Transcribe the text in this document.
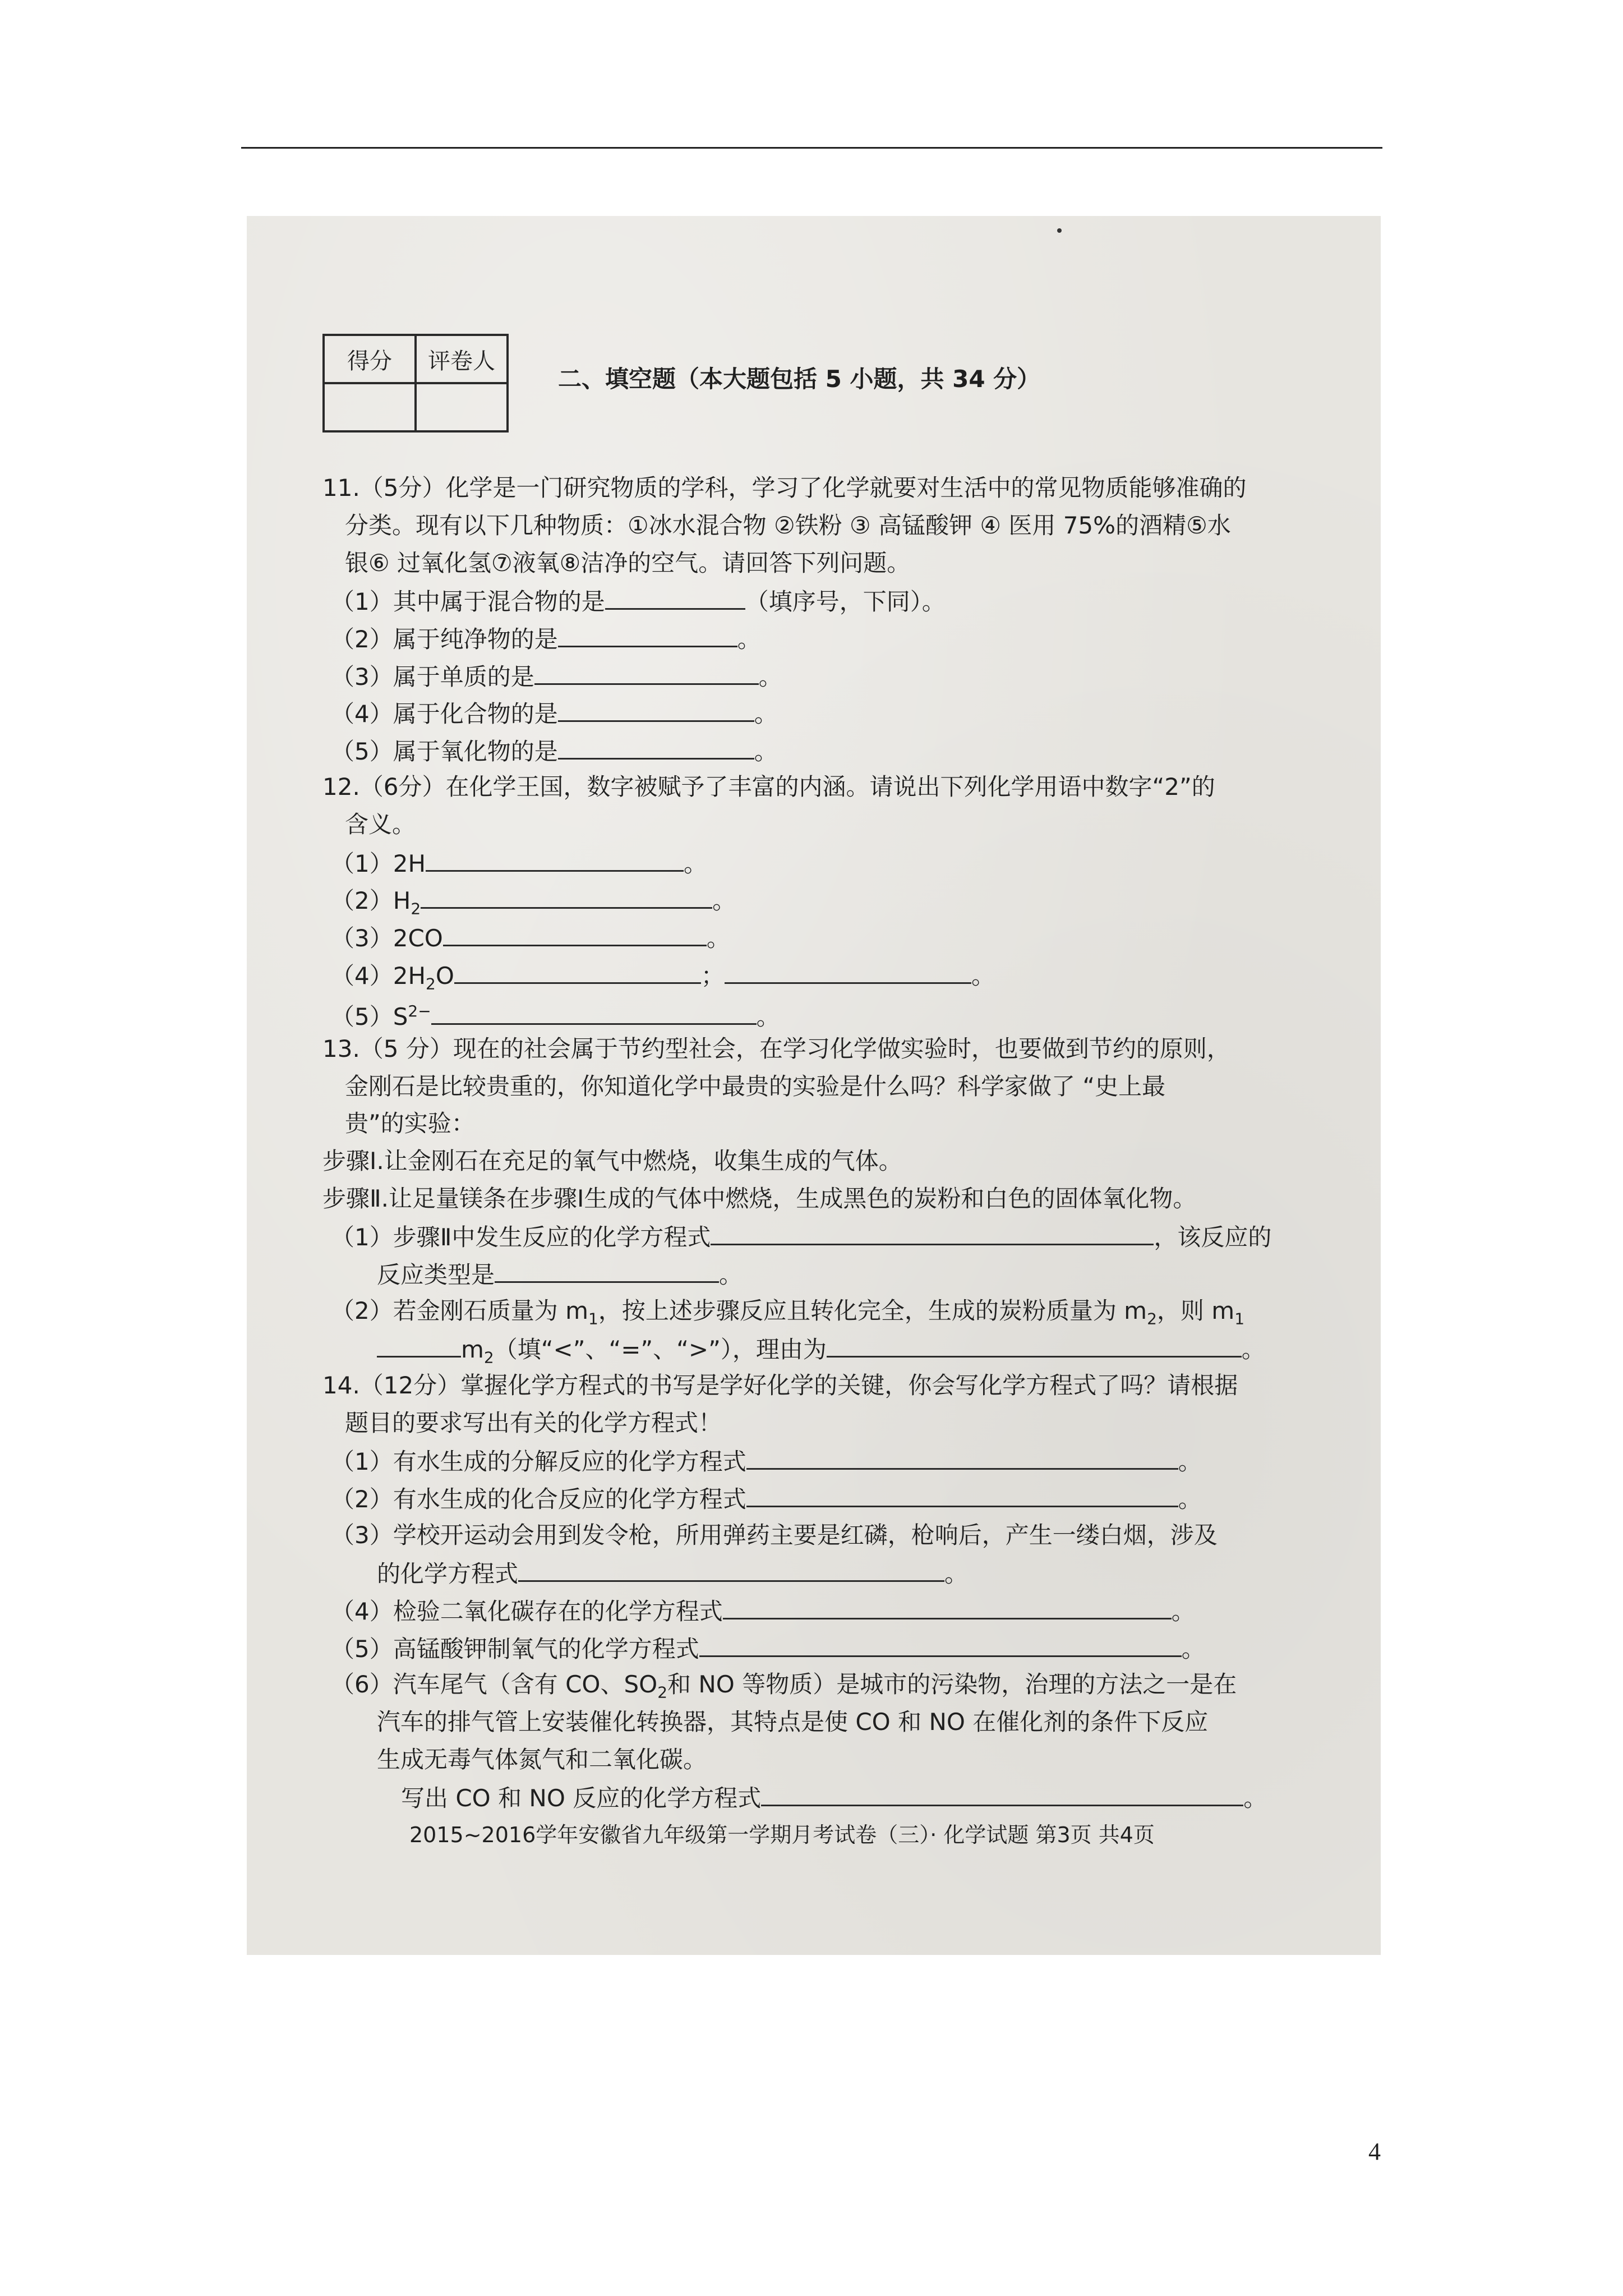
得分	评卷人

二、填空题（本大题包括 5 小题，共 34 分）
11.（5分）化学是一门研究物质的学科，学习了化学就要对生活中的常见物质能够准确的
分类。现有以下几种物质：①冰水混合物 ②铁粉 ③ 高锰酸钾 ④ 医用 75%的酒精⑤水
银⑥ 过氧化氢⑦液氧⑧洁净的空气。请回答下列问题。
（1）其中属于混合物的是	（填序号，下同）。
（2）属于纯净物的是	。
（3）属于单质的是	。
（4）属于化合物的是	。
（5）属于氧化物的是	。
12.（6分）在化学王国，数字被赋予了丰富的内涵。请说出下列化学用语中数字“2”的
含义。
（1）2H	。
$(2)H_2$	。
（3）2CO	。
$(4)2H_2O$	；	。
$(5)S^{2-}$	。
13.（5 分）现在的社会属于节约型社会，在学习化学做实验时，也要做到节约的原则，
金刚石是比较贵重的，你知道化学中最贵的实验是什么吗？科学家做了 “史上最
贵”的实验：
步骤Ⅰ.让金刚石在充足的氧气中燃烧，收集生成的气体。
步骤Ⅱ.让足量镁条在步骤Ⅰ生成的气体中燃烧，生成黑色的炭粉和白色的固体氧化物。
（1）步骤Ⅱ中发生反应的化学方程式	，该反应的
反应类型是	。
（2）若金刚石质量为 $m_1$，按上述步骤反应且转化完全，生成的炭粉质量为 $m_2$，则 $m_1$
$m_2$（填“<”、“=”、“>”），理由为	。
14.（12分）掌握化学方程式的书写是学好化学的关键，你会写化学方程式了吗？请根据
题目的要求写出有关的化学方程式！
（1）有水生成的分解反应的化学方程式	。
（2）有水生成的化合反应的化学方程式	。
（3）学校开运动会用到发令枪，所用弹药主要是红磷，枪响后，产生一缕白烟，涉及
的化学方程式	。
（4）检验二氧化碳存在的化学方程式	。
（5）高锰酸钾制氧气的化学方程式	。
（6）汽车尾气（含有 CO、$SO_2$和 NO 等物质）是城市的污染物，治理的方法之一是在
汽车的排气管上安装催化转换器，其特点是使 CO 和 NO 在催化剂的条件下反应
生成无毒气体氮气和二氧化碳。
写出 CO 和 NO 反应的化学方程式	。
2015~2016学年安徽省九年级第一学期月考试卷（三）· 化学试题 第3页 共4页
4
